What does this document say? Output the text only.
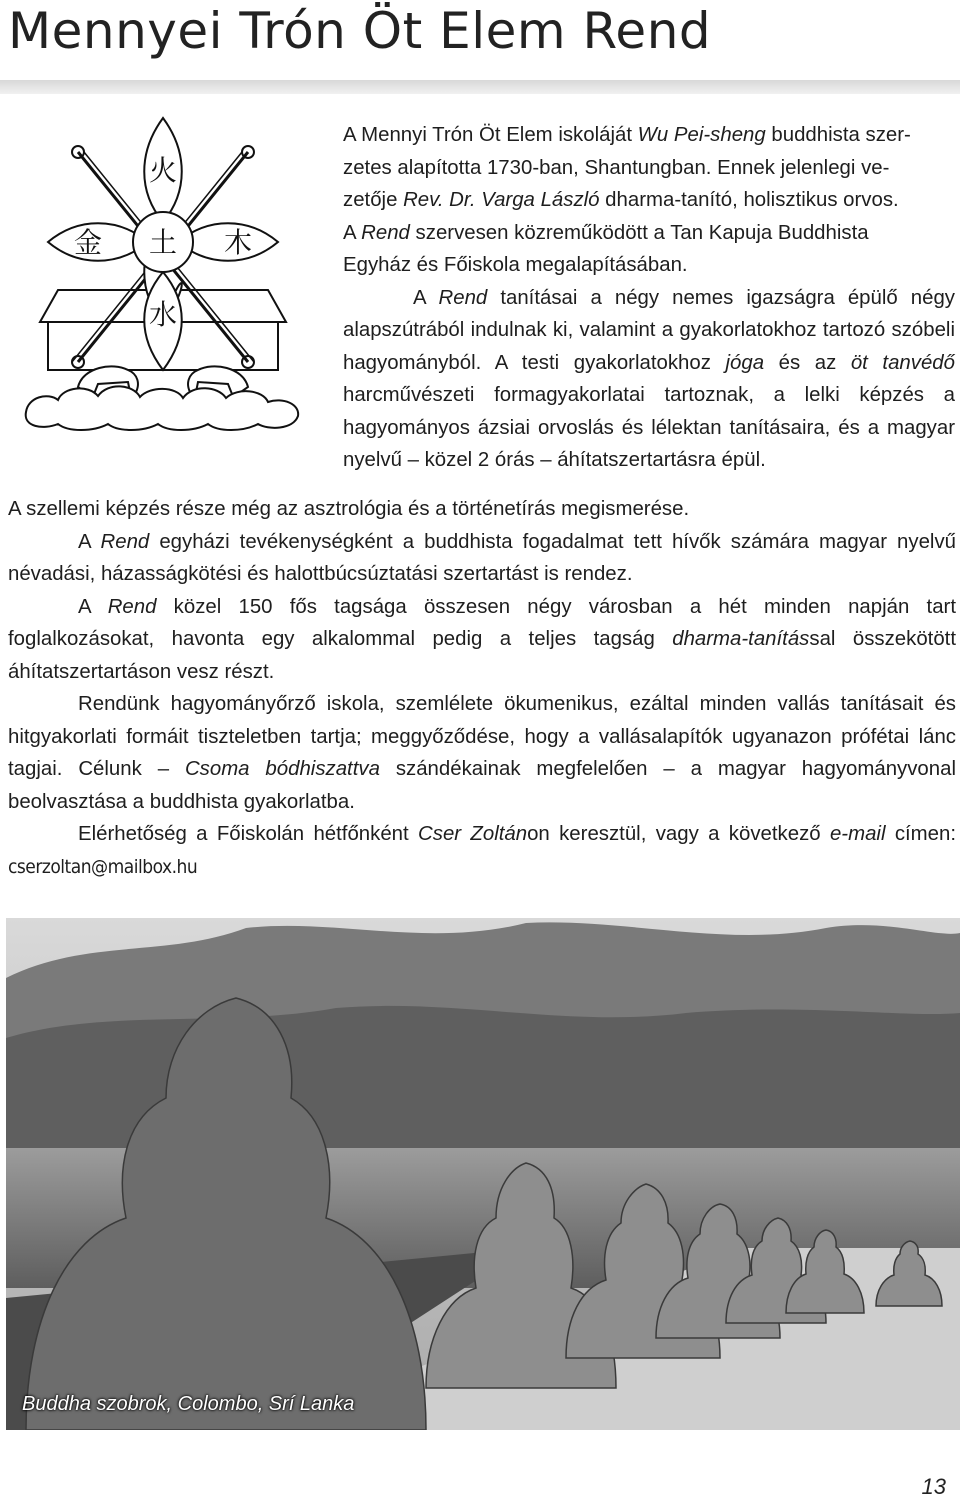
Mennyei Trón Öt Elem Rend
火
金 土 木
水

A Mennyi Trón Öt Elem iskoláját Wu Pei-sheng buddhista szer-
zetes alapította 1730-ban, Shantungban. Ennek jelenlegi ve-
zetője Rev. Dr. Varga László dharma-tanító, holisztikus orvos.
A Rend szervesen közreműködött a Tan Kapuja Buddhista
Egyház és Főiskola megalapításában.

A Rend tanításai a négy nemes igazságra épülő négy alapszútrából indulnak ki, valamint a gyakorlatokhoz tartozó szóbeli hagyományból. A testi gyakorlatokhoz jóga és az öt tanvédő harcművészeti formagyakorlatai tartoznak, a lelki képzés a hagyományos ázsiai orvoslás és lélektan tanításaira, és a magyar nyelvű – közel 2 órás – áhítatszertartásra épül.

A szellemi képzés része még az asztrológia és a történetírás megismerése.

A Rend egyházi tevékenységként a buddhista fogadalmat tett hívők számára magyar nyelvű névadási, házasságkötési és halottbúcsúztatási szertartást is rendez.

A Rend közel 150 fős tagsága összesen négy városban a hét minden napján tart foglalkozásokat, havonta egy alkalommal pedig a teljes tagság dharma-tanítással összekötött áhítatszertartáson vesz részt.

Rendünk hagyományőrző iskola, szemlélete ökumenikus, ezáltal minden vallás tanításait és hitgyakorlati formáit tiszteletben tartja; meggyőződése, hogy a vallásalapítók ugyanazon prófétai lánc tagjai. Célunk – Csoma bódhiszattva szándékainak megfelelően – a magyar hagyományvonal beolvasztása a buddhista gyakorlatba.

Elérhetőség a Főiskolán hétfőnként Cser Zoltánon keresztül, vagy a következő e-mail címen: cserzoltan@mailbox.hu

Buddha szobrok, Colombo, Srí Lanka
13
